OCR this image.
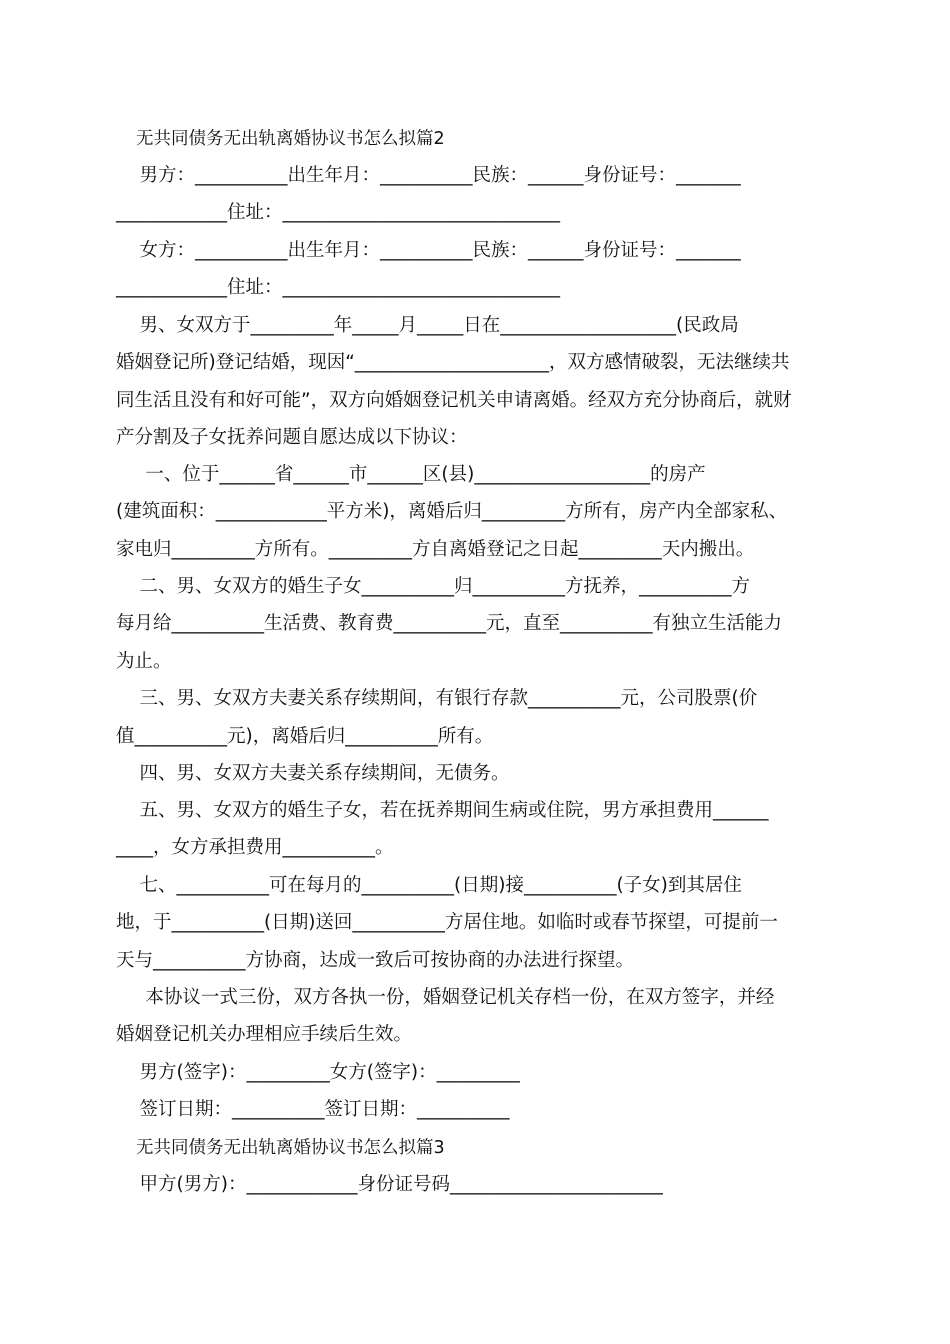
无共同债务无出轨离婚协议书怎么拟篇2
男方：__________出生年月：__________民族：______身份证号：_______
____________住址：______________________________
女方：__________出生年月：__________民族：______身份证号：_______
____________住址：______________________________
男、女双方于_________年_____月_____日在___________________(民政局
婚姻登记所)登记结婚，现因“_____________________，双方感情破裂，无法继续共
同生活且没有和好可能”，双方向婚姻登记机关申请离婚。经双方充分协商后，就财
产分割及子女抚养问题自愿达成以下协议：
一、位于______省______市______区(县)___________________的房产
(建筑面积：____________平方米)，离婚后归_________方所有，房产内全部家私、
家电归_________方所有。_________方自离婚登记之日起_________天内搬出。
二、男、女双方的婚生子女__________归__________方抚养，__________方
每月给__________生活费、教育费__________元，直至__________有独立生活能力
为止。
三、男、女双方夫妻关系存续期间，有银行存款__________元，公司股票(价
值__________元)，离婚后归__________所有。
四、男、女双方夫妻关系存续期间，无债务。
五、男、女双方的婚生子女，若在抚养期间生病或住院，男方承担费用______
____，女方承担费用__________。
七、__________可在每月的__________(日期)接__________(子女)到其居住
地，于__________(日期)送回__________方居住地。如临时或春节探望，可提前一
天与__________方协商，达成一致后可按协商的办法进行探望。
本协议一式三份，双方各执一份，婚姻登记机关存档一份，在双方签字，并经
婚姻登记机关办理相应手续后生效。
男方(签字)：_________女方(签字)：_________
签订日期：__________签订日期：__________
无共同债务无出轨离婚协议书怎么拟篇3
甲方(男方)：____________身份证号码_______________________
